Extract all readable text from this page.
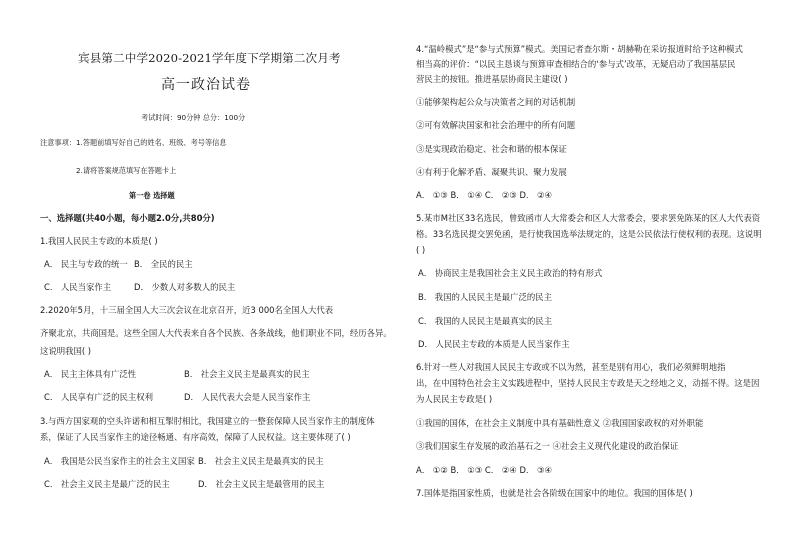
宾县第二中学2020-2021学年度下学期第二次月考
高一政治试卷
考试时间：90分钟 总分：100分
注意事项：1.答题前填写好自己的姓名、班级、考号等信息
2.请将答案规范填写在答题卡上
第一卷 选择题
一、选择题(共40小题，每小题2.0分,共80分)
1.我国人民民主专政的本质是( )
A． 民主与专政的统一 B． 全民的民主
C． 人民当家作主	D． 少数人对多数人的民主
2.2020年5月，十三届全国人大三次会议在北京召开，近3 000名全国人大代表
齐聚北京，共商国是。这些全国人大代表来自各个民族、各条战线，他们职业不同，经历各异。
这说明我国( )
A． 民主主体具有广泛性	B． 社会主义民主是最真实的民主
C． 人民享有广泛的民主权利	D． 人民代表大会是人民当家作主
3.与西方国家观的空头许诺和相互掣肘相比，我国建立的一整套保障人民当家作主的制度体
系，保证了人民当家作主的途径畅通、有序高效，保障了人民权益。这主要体现了( )
A． 我国是公民当家作主的社会主义国家 B． 社会主义民主是最真实的民主
C． 社会主义民主是最广泛的民主	D． 社会主义民主是最管用的民主
4.“温岭模式”是“参与式预算”模式。美国记者查尔斯・胡赫勒在采访报道时给予这种模式
相当高的评价：“以民主恳谈与预算审查相结合的‘参与式’改革，无疑启动了我国基层民
营民主的按钮。推进基层协商民主建设( )
①能够架构起公众与决策者之间的对话机制
②可有效解决国家和社会治理中的所有问题
③是实现政治稳定、社会和谐的根本保证
④有利于化解矛盾、凝聚共识、聚力发展
A． ①③ B． ①④ C． ②③ D． ②④
5.某市M社区33名选民，曾致函市人大常委会和区人大常委会，要求罢免陈某的区人大代表资
格。33名选民提交罢免函，是行使我国选举法规定的，这是公民依法行使权利的表现。这说明
( )
A． 协商民主是我国社会主义民主政治的特有形式
B． 我国的人民民主是最广泛的民主
C． 我国的人民民主是最真实的民主
D． 人民民主专政的本质是人民当家作主
6.针对一些人对我国人民民主专政或不以为然，甚至是别有用心，我们必须鲜明地指
出，在中国特色社会主义实践进程中，坚持人民民主专政是天之经地之义，动摇不得。这是因
为人民民主专政是( )
①我国的国体，在社会主义制度中具有基础性意义 ②我国国家政权的对外职能
③我们国家生存发展的政治基石之一 ④社会主义现代化建设的政治保证
A． ①② B． ①③ C． ②④ D． ③④
7.国体是指国家性质，也就是社会各阶级在国家中的地位。我国的国体是( )
